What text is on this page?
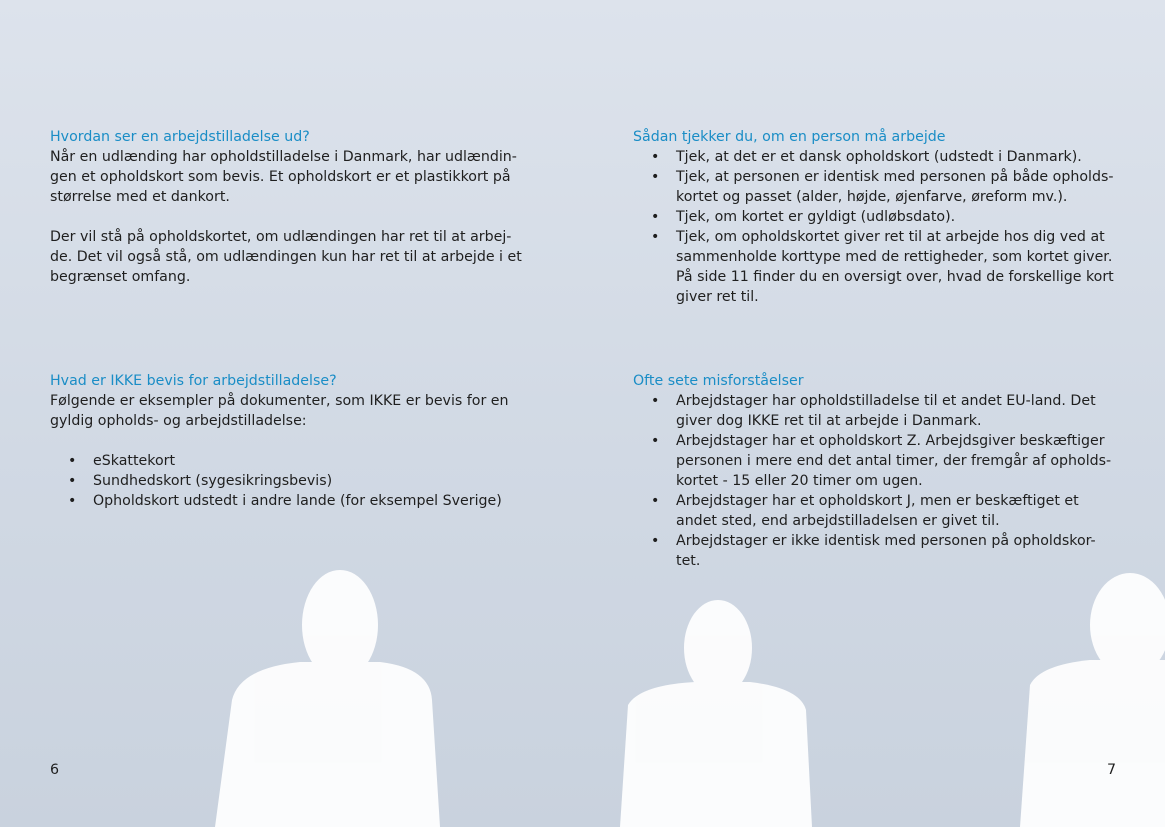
Hvordan ser en arbejdstilladelse ud?

Når en udlænding har opholdstilladelse i Danmark, har udlændin-

gen et opholdskort som bevis. Et opholdskort er et plastikkort på

størrelse med et dankort.

Der vil stå på opholdskortet, om udlændingen har ret til at arbej-

de. Det vil også stå, om udlændingen kun har ret til at arbejde i et

begrænset omfang.

Hvad er IKKE bevis for arbejdstilladelse?

Følgende er eksempler på dokumenter, som IKKE er bevis for en

gyldig opholds- og arbejdstilladelse:

• eSkattekort
• Sundhedskort (sygesikringsbevis)
• Opholdskort udstedt i andre lande (for eksempel Sverige)
6
Sådan tjekker du, om en person må arbejde
• Tjek, at det er et dansk opholdskort (udstedt i Danmark).
• Tjek, at personen er identisk med personen på både opholds-
kortet og passet (alder, højde, øjenfarve, øreform mv.).
• Tjek, om kortet er gyldigt (udløbsdato).
• Tjek, om opholdskortet giver ret til at arbejde hos dig ved at
sammenholde korttype med de rettigheder, som kortet giver.
På side 11 finder du en oversigt over, hvad de forskellige kort
giver ret til.
Ofte sete misforståelser
• Arbejdstager har opholdstilladelse til et andet EU-land. Det
giver dog IKKE ret til at arbejde i Danmark.
• Arbejdstager har et opholdskort Z. Arbejdsgiver beskæftiger
personen i mere end det antal timer, der fremgår af opholds-
kortet - 15 eller 20 timer om ugen.
• Arbejdstager har et opholdskort J, men er beskæftiget et
andet sted, end arbejdstilladelsen er givet til.
• Arbejdstager er ikke identisk med personen på opholdskor-
tet.
7
